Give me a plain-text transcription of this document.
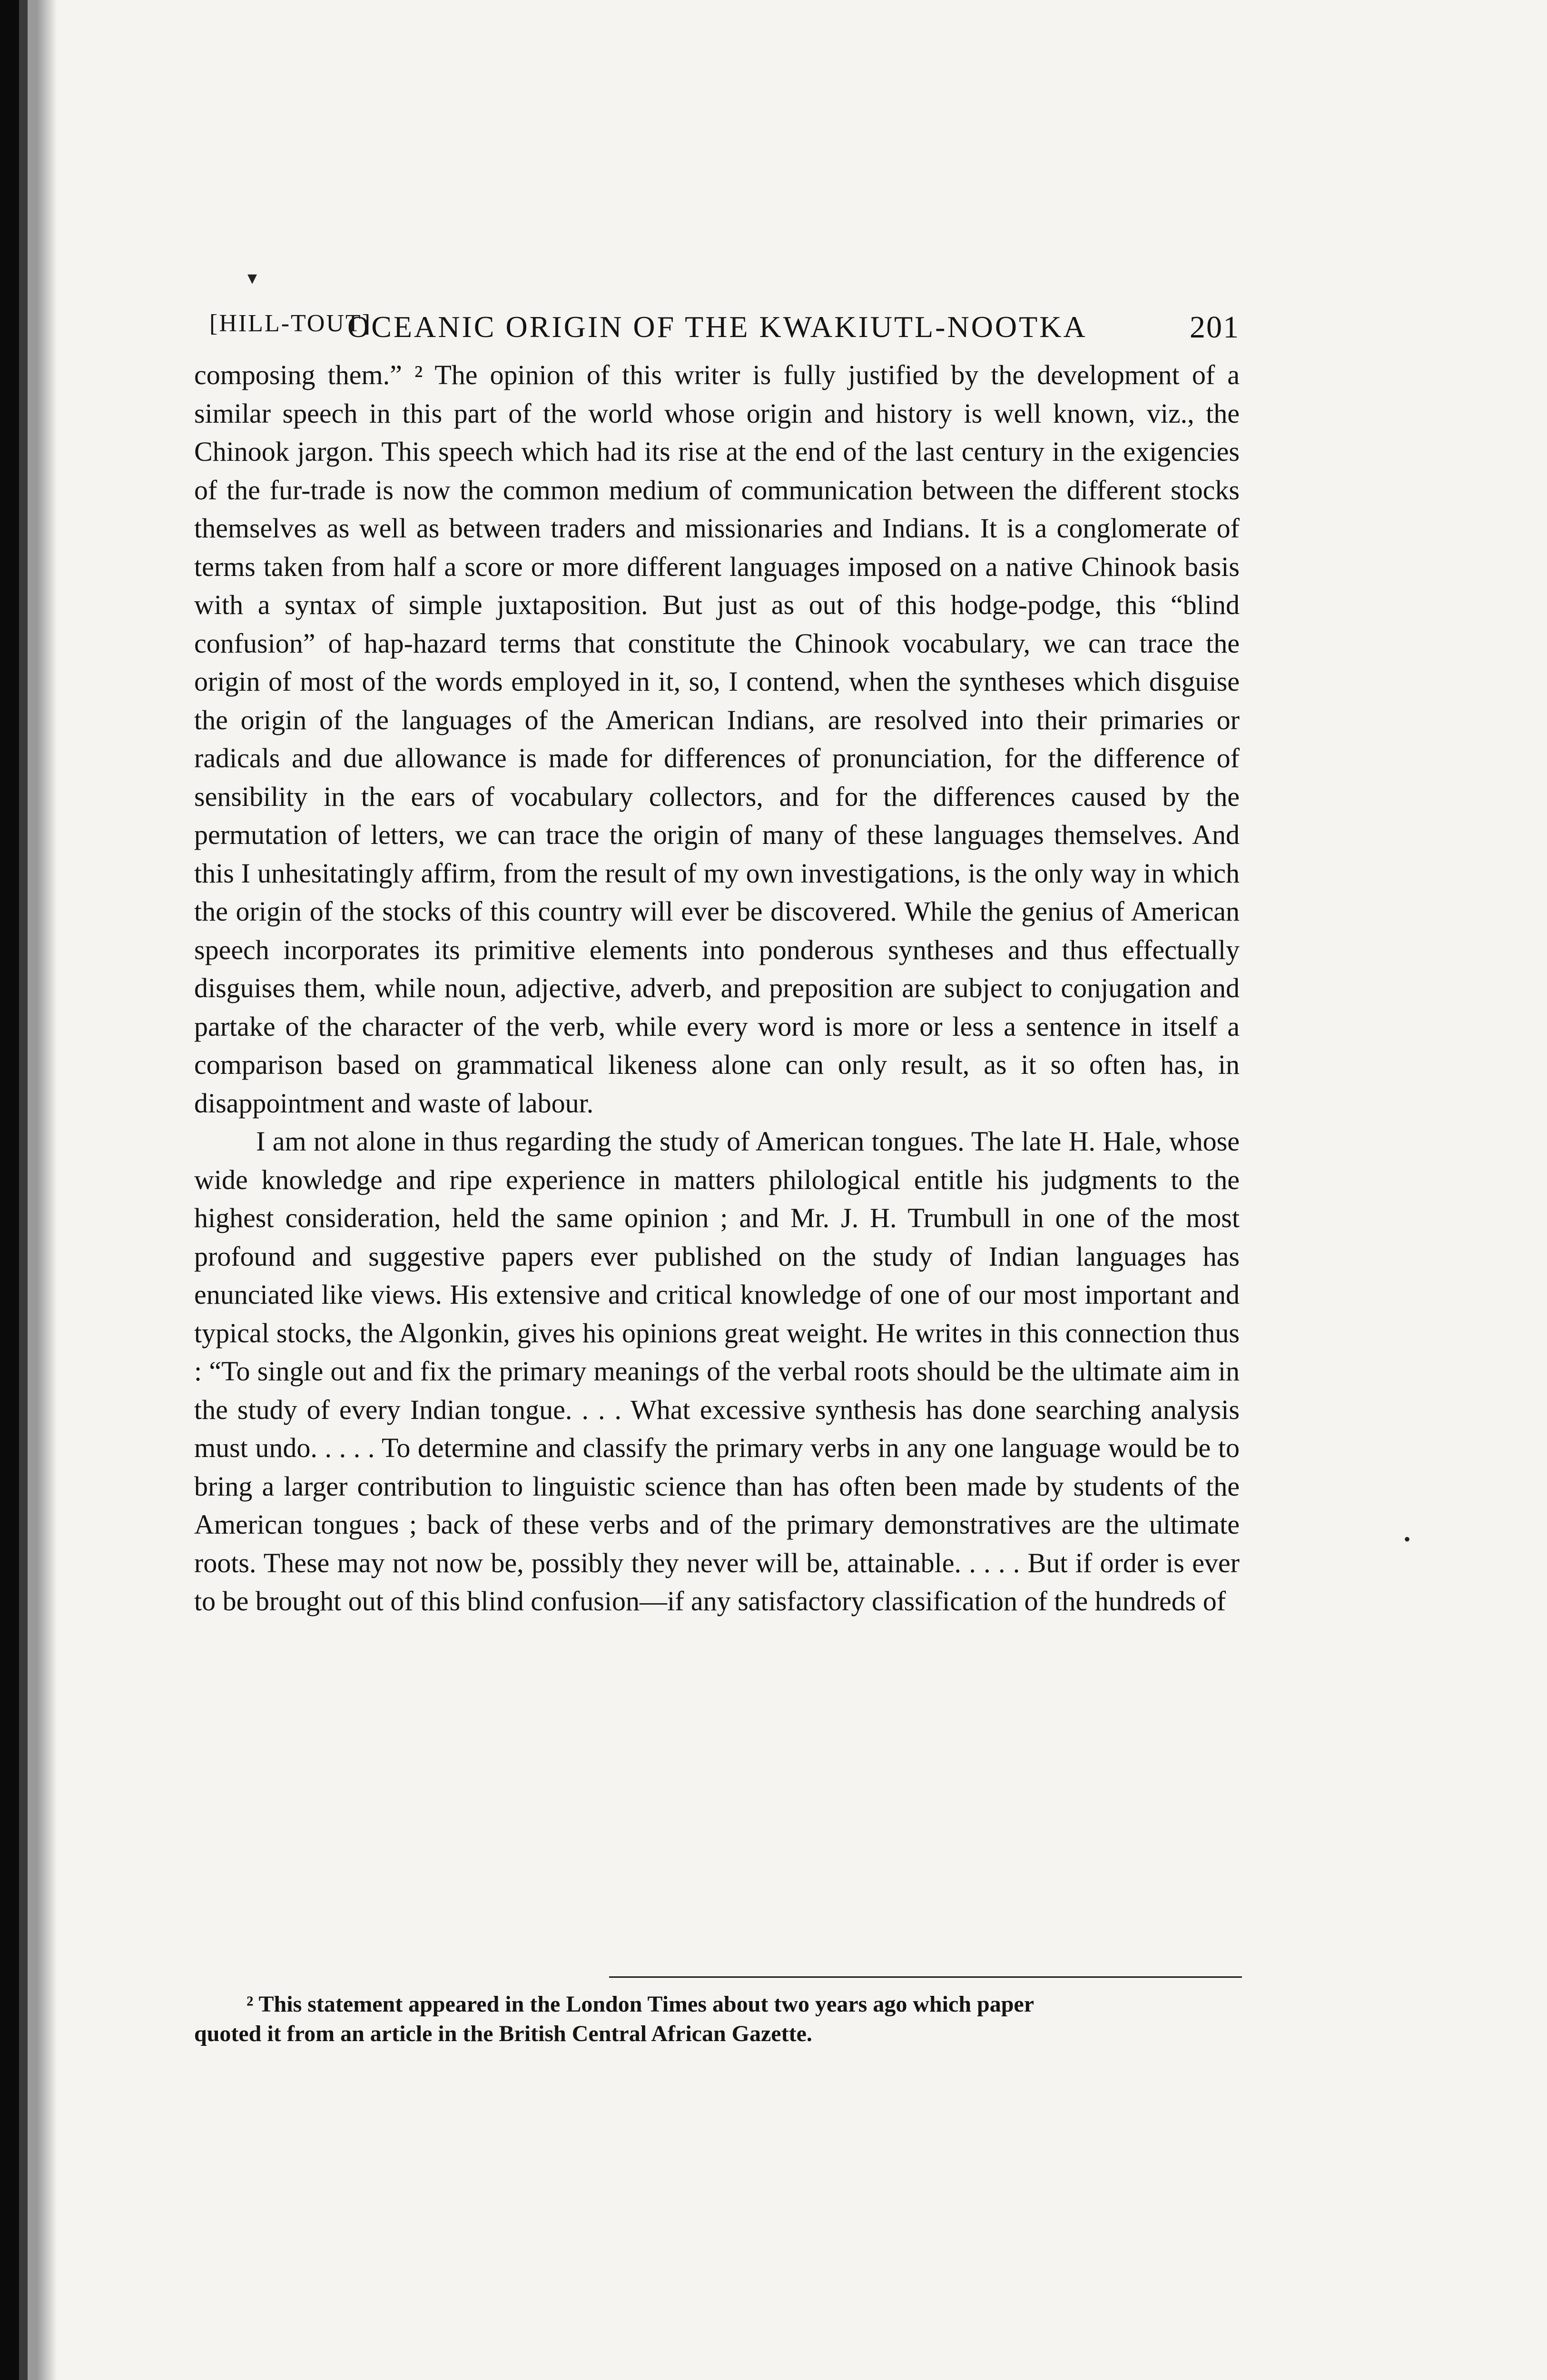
[HILL-TOUT]
OCEANIC ORIGIN OF THE KWAKIUTL-NOOTKA	201

composing them.” ² The opinion of this writer is fully justified by the development of a similar speech in this part of the world whose origin and history is well known, viz., the Chinook jargon. This speech which had its rise at the end of the last century in the exigencies of the fur-trade is now the common medium of communication between the different stocks themselves as well as between traders and missionaries and Indians. It is a conglomerate of terms taken from half a score or more different languages imposed on a native Chinook basis with a syntax of simple juxtaposition. But just as out of this hodge-podge, this “blind confusion” of hap-hazard terms that constitute the Chinook vocabulary, we can trace the origin of most of the words employed in it, so, I contend, when the syntheses which disguise the origin of the languages of the American Indians, are resolved into their primaries or radicals and due allowance is made for differences of pronunciation, for the difference of sensibility in the ears of vocabulary collectors, and for the differences caused by the permutation of letters, we can trace the origin of many of these languages themselves. And this I unhesitatingly affirm, from the result of my own investigations, is the only way in which the origin of the stocks of this country will ever be discovered. While the genius of American speech incorporates its primitive elements into ponderous syntheses and thus effectually disguises them, while noun, adjective, adverb, and preposition are subject to conjugation and partake of the character of the verb, while every word is more or less a sentence in itself a comparison based on grammatical likeness alone can only result, as it so often has, in disappointment and waste of labour.

I am not alone in thus regarding the study of American tongues. The late H. Hale, whose wide knowledge and ripe experience in matters philological entitle his judgments to the highest consideration, held the same opinion ; and Mr. J. H. Trumbull in one of the most profound and suggestive papers ever published on the study of Indian languages has enunciated like views. His extensive and critical knowledge of one of our most important and typical stocks, the Algonkin, gives his opinions great weight. He writes in this connection thus : “To single out and fix the primary meanings of the verbal roots should be the ultimate aim in the study of every Indian tongue. . . . What excessive synthesis has done searching analysis must undo. . . . . To determine and classify the primary verbs in any one language would be to bring a larger contribution to linguistic science than has often been made by students of the American tongues ; back of these verbs and of the primary demonstratives are the ultimate roots. These may not now be, possibly they never will be, attainable. . . . . But if order is ever to be brought out of this blind confusion—if any satisfactory classification of the hundreds of

² This statement appeared in the London Times about two years ago which paper
quoted it from an article in the British Central African Gazette.
▾
•
